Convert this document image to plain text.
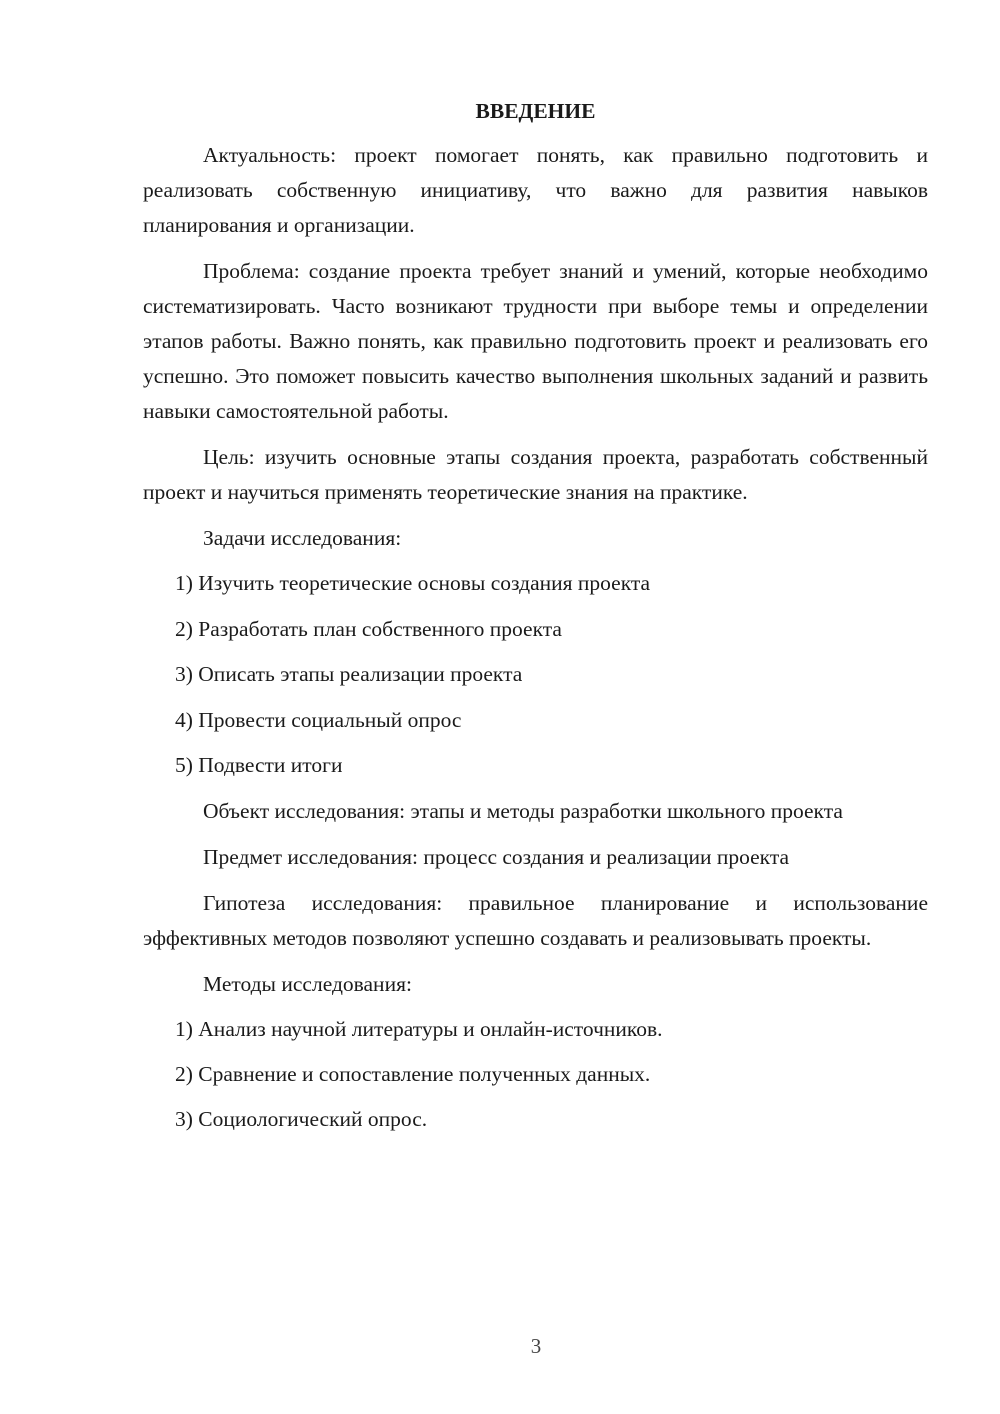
ВВЕДЕНИЕ

Актуальность: проект помогает понять, как правильно подготовить и реализовать собственную инициативу, что важно для развития навыков планирования и организации.

Проблема: создание проекта требует знаний и умений, которые необходимо систематизировать. Часто возникают трудности при выборе темы и определении этапов работы. Важно понять, как правильно подготовить проект и реализовать его успешно. Это поможет повысить качество выполнения школьных заданий и развить навыки самостоятельной работы.

Цель: изучить основные этапы создания проекта, разработать собственный проект и научиться применять теоретические знания на практике.

Задачи исследования:

1) Изучить теоретические основы создания проекта
2) Разработать план собственного проекта
3) Описать этапы реализации проекта
4) Провести социальный опрос
5) Подвести итоги

Объект исследования: этапы и методы разработки школьного проекта

Предмет исследования: процесс создания и реализации проекта

Гипотеза исследования: правильное планирование и использование эффективных методов позволяют успешно создавать и реализовывать проекты.

Методы исследования:

1) Анализ научной литературы и онлайн-источников.
2) Сравнение и сопоставление полученных данных.
3) Социологический опрос.
3
